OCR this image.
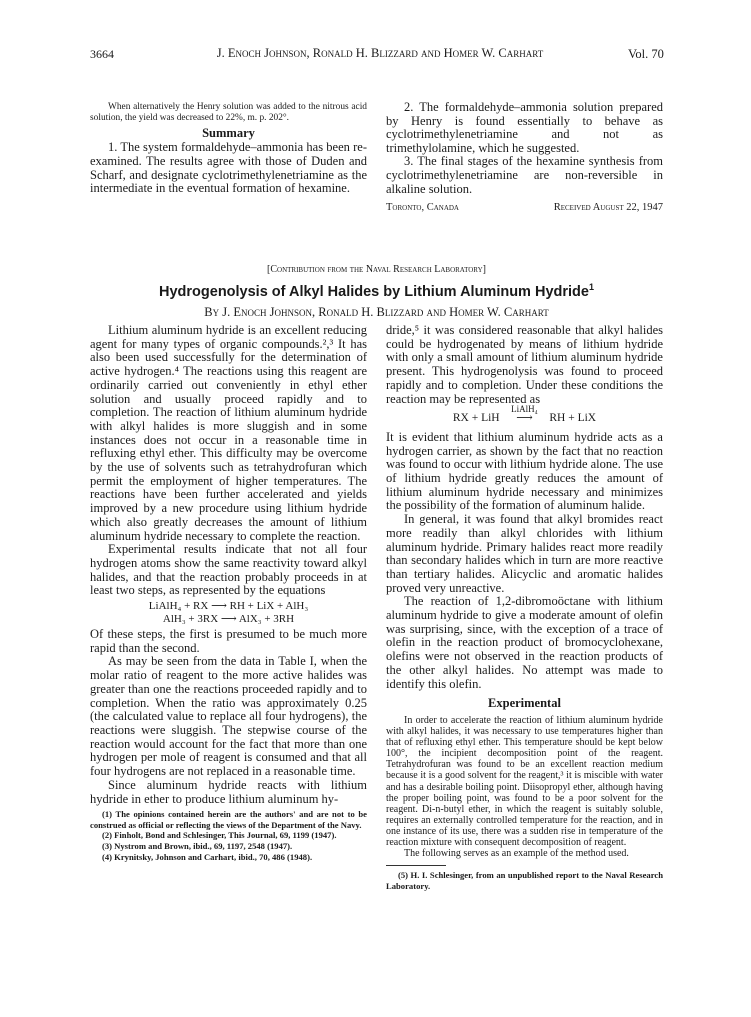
3664	J. Enoch Johnson, Ronald H. Blizzard and Homer W. Carhart	Vol. 70

When alternatively the Henry solution was added to the nitrous acid solution, the yield was decreased to 22%, m. p. 202°.

Summary

1. The system formaldehyde–ammonia has been re-examined. The results agree with those of Duden and Scharf, and designate cyclotrimethylenetriamine as the intermediate in the eventual formation of hexamine.

2. The formaldehyde–ammonia solution prepared by Henry is found essentially to behave as cyclotrimethylenetriamine and not as trimethylolamine, which he suggested.

3. The final stages of the hexamine synthesis from cyclotrimethylenetriamine are non-reversible in alkaline solution.

Toronto, Canada	Received August 22, 1947
[Contribution from the Naval Research Laboratory]
Hydrogenolysis of Alkyl Halides by Lithium Aluminum Hydride$^1$
By J. Enoch Johnson, Ronald H. Blizzard and Homer W. Carhart

Lithium aluminum hydride is an excellent reducing agent for many types of organic compounds.²,³ It has also been used successfully for the determination of active hydrogen.⁴ The reactions using this reagent are ordinarily carried out conveniently in ethyl ether solution and usually proceed rapidly and to completion. The reaction of lithium aluminum hydride with alkyl halides is more sluggish and in some instances does not occur in a reasonable time in refluxing ethyl ether. This difficulty may be overcome by the use of solvents such as tetrahydrofuran which permit the employment of higher temperatures. The reactions have been further accelerated and yields improved by a new procedure using lithium hydride which also greatly decreases the amount of lithium aluminum hydride necessary to complete the reaction.

Experimental results indicate that not all four hydrogen atoms show the same reactivity toward alkyl halides, and that the reaction probably proceeds in at least two steps, as represented by the equations

LiAlH₄ + RX ⟶ RH + LiX + AlH₃

AlH₃ + 3RX ⟶ AlX₃ + 3RH

Of these steps, the first is presumed to be much more rapid than the second.

As may be seen from the data in Table I, when the molar ratio of reagent to the more active halides was greater than one the reactions proceeded rapidly and to completion. When the ratio was approximately 0.25 (the calculated value to replace all four hydrogens), the reactions were sluggish. The stepwise course of the reaction would account for the fact that more than one hydrogen per mole of reagent is consumed and that all four hydrogens are not replaced in a reasonable time.

Since aluminum hydride reacts with lithium hydride in ether to produce lithium aluminum hy-

(1) The opinions contained herein are the authors' and are not to be construed as official or reflecting the views of the Department of the Navy.

(2) Finholt, Bond and Schlesinger, This Journal, 69, 1199 (1947).

(3) Nystrom and Brown, ibid., 69, 1197, 2548 (1947).

(4) Krynitsky, Johnson and Carhart, ibid., 70, 486 (1948).

dride,⁵ it was considered reasonable that alkyl halides could be hydrogenated by means of lithium hydride with only a small amount of lithium aluminum hydride present. This hydrogenolysis was found to proceed rapidly and to completion. Under these conditions the reaction may be represented as

RX + LiH
LiAlH₄
⟶ RH + LiX

It is evident that lithium aluminum hydride acts as a hydrogen carrier, as shown by the fact that no reaction was found to occur with lithium hydride alone. The use of lithium hydride greatly reduces the amount of lithium aluminum hydride necessary and minimizes the possibility of the formation of aluminum halide.

In general, it was found that alkyl bromides react more readily than alkyl chlorides with lithium aluminum hydride. Primary halides react more readily than secondary halides which in turn are more reactive than tertiary halides. Alicyclic and aromatic halides proved very unreactive.

The reaction of 1,2-dibromoöctane with lithium aluminum hydride to give a moderate amount of olefin was surprising, since, with the exception of a trace of olefin in the reaction product of bromocyclohexane, olefins were not observed in the reaction products of the other alkyl halides. No attempt was made to identify this olefin.

Experimental

In order to accelerate the reaction of lithium aluminum hydride with alkyl halides, it was necessary to use temperatures higher than that of refluxing ethyl ether. This temperature should be kept below 100°, the incipient decomposition point of the reagent. Tetrahydrofuran was found to be an excellent reaction medium because it is a good solvent for the reagent,³ it is miscible with water and has a desirable boiling point. Diisopropyl ether, although having the proper boiling point, was found to be a poor solvent for the reagent. Di-n-butyl ether, in which the reagent is suitably soluble, requires an externally controlled temperature for the reaction, and in one instance of its use, there was a sudden rise in temperature of the reaction mixture with consequent decomposition of reagent.

The following serves as an example of the method used.

(5) H. I. Schlesinger, from an unpublished report to the Naval Research Laboratory.
